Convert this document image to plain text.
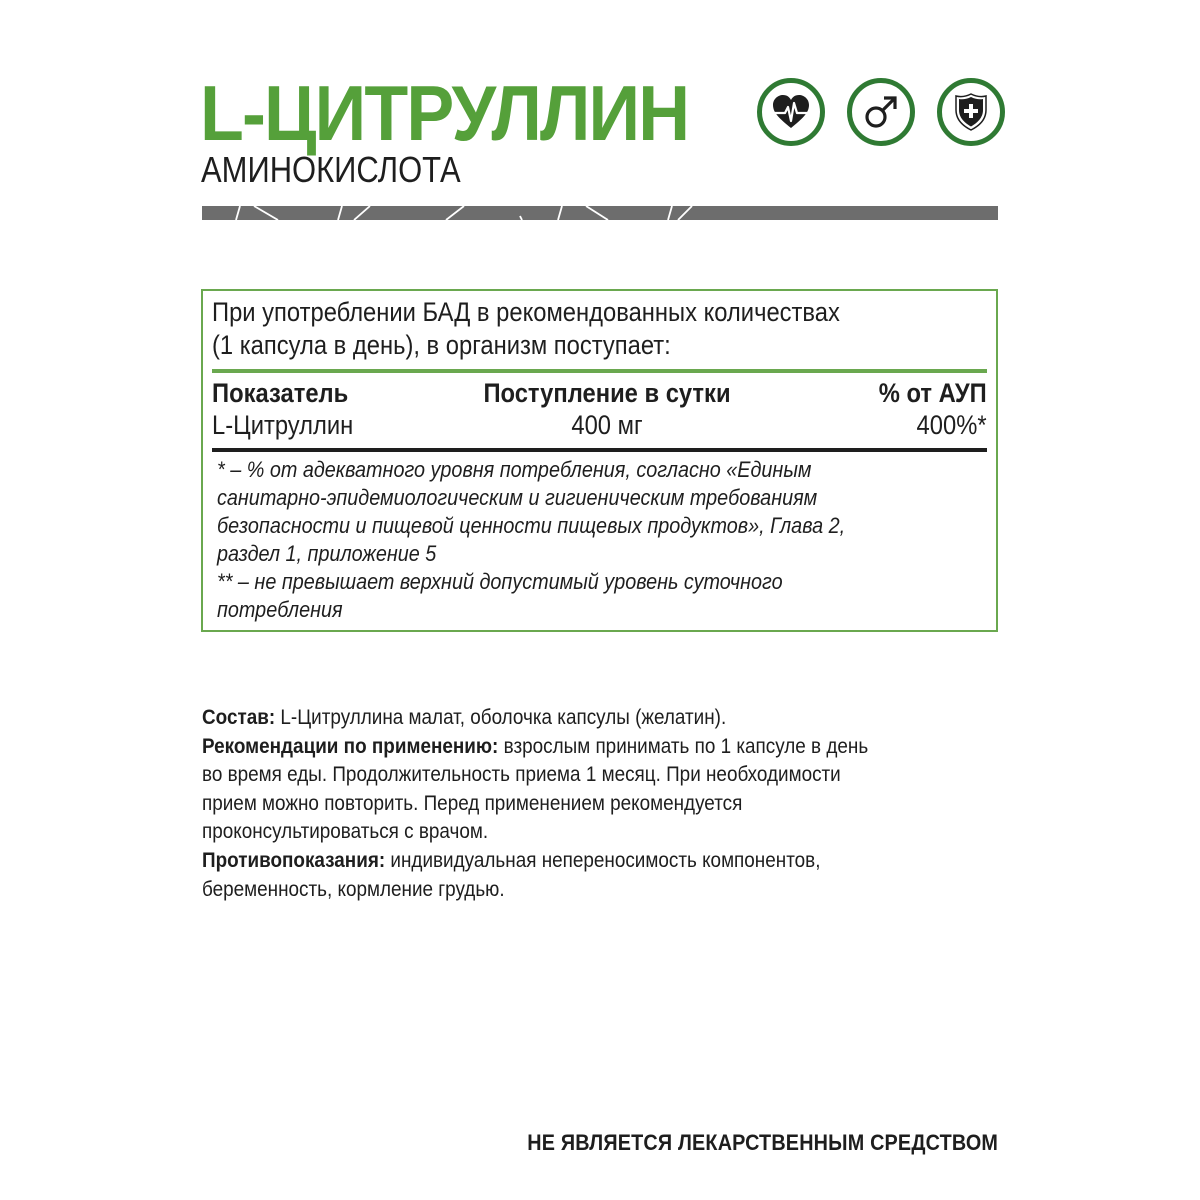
L-ЦИТРУЛЛИН
АМИНОКИСЛОТА
При употреблении БАД в рекомендованных количествах
(1 капсула в день), в организм поступает:
Показатель	Поступление в сутки	% от АУП
L-Цитруллин	400 мг	400%*
* – % от адекватного уровня потребления, согласно «Единым
санитарно-эпидемиологическим и гигиеническим требованиям
безопасности и пищевой ценности пищевых продуктов», Глава 2,
раздел 1, приложение 5
** – не превышает верхний допустимый уровень суточного
потребления
Состав: L-Цитруллина малат, оболочка капсулы (желатин).
Рекомендации по применению: взрослым принимать по 1 капсуле в день
во время еды. Продолжительность приема 1 месяц. При необходимости
прием можно повторить. Перед применением рекомендуется
проконсультироваться с врачом.
Противопоказания: индивидуальная непереносимость компонентов,
беременность, кормление грудью.
НЕ ЯВЛЯЕТСЯ ЛЕКАРСТВЕННЫМ СРЕДСТВОМ
